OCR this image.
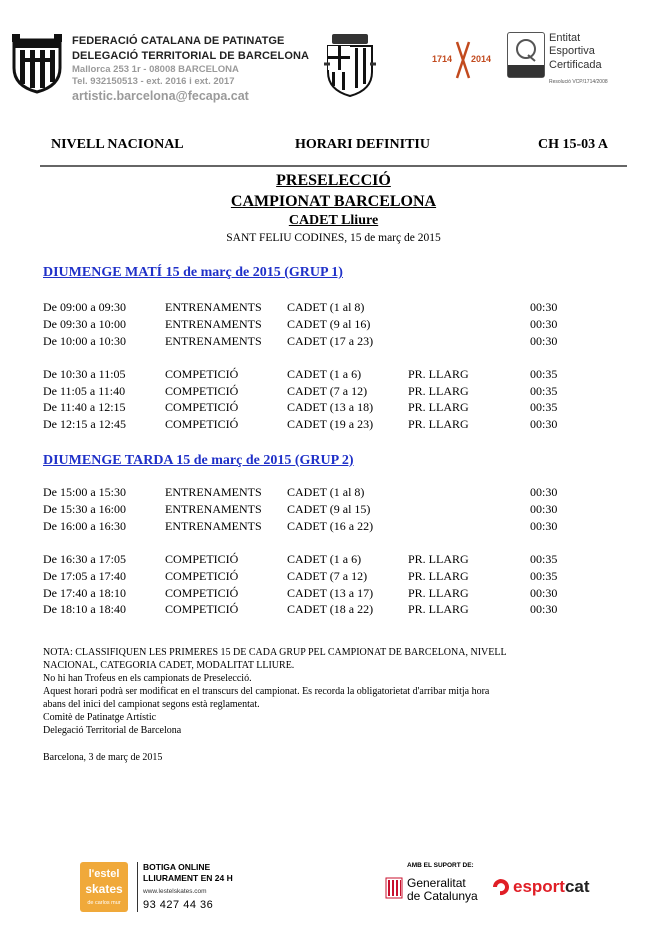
FEDERACIÓ CATALANA DE PATINATGE
DELEGACIÓ TERRITORIAL DE BARCELONA
Mallorca 253 1r - 08008 BARCELONA
Tel. 932150513 - ext. 2016 i ext. 2017
artistic.barcelona@fecapa.cat
1714 2014
Entitat
Esportiva
Certificada
Resolució VCP/1714/2008
NIVELL NACIONAL	HORARI DEFINITIU	CH 15-03 A
PRESELECCIÓ
CAMPIONAT BARCELONA
CADET Lliure
SANT FELIU CODINES, 15 de març de 2015
DIUMENGE MATÍ 15 de març de 2015 (GRUP 1)
De 09:00 a 09:30	ENTRENAMENTS CADET (1 al 8)	00:30
De 09:30 a 10:00	ENTRENAMENTS CADET (9 al 16)	00:30
De 10:00 a 10:30	ENTRENAMENTS CADET (17 a 23)	00:30
De 10:30 a 11:05	COMPETICIÓ	CADET (1 a 6)	PR. LLARG	00:35
De 11:05 a 11:40	COMPETICIÓ	CADET (7 a 12)	PR. LLARG	00:35
De 11:40 a 12:15	COMPETICIÓ	CADET (13 a 18)	PR. LLARG	00:35
De 12:15 a 12:45	COMPETICIÓ	CADET (19 a 23)	PR. LLARG	00:30
DIUMENGE TARDA 15 de març de 2015 (GRUP 2)
De 15:00 a 15:30	ENTRENAMENTS CADET (1 al 8)	00:30
De 15:30 a 16:00	ENTRENAMENTS CADET (9 al 15)	00:30
De 16:00 a 16:30	ENTRENAMENTS CADET (16 a 22)	00:30
De 16:30 a 17:05	COMPETICIÓ	CADET (1 a 6)	PR. LLARG	00:35
De 17:05 a 17:40	COMPETICIÓ	CADET (7 a 12)	PR. LLARG	00:35
De 17:40 a 18:10	COMPETICIÓ	CADET (13 a 17)	PR. LLARG	00:30
De 18:10 a 18:40	COMPETICIÓ	CADET (18 a 22)	PR. LLARG	00:30
NOTA: CLASSIFIQUEN LES PRIMERES 15 DE CADA GRUP PEL CAMPIONAT DE BARCELONA, NIVELL
NACIONAL, CATEGORIA CADET, MODALITAT LLIURE.
No hi han Trofeus en els campionats de Preselecció.
Aquest horari podrà ser modificat en el transcurs del campionat. Es recorda la obligatorietat d'arribar mitja hora
abans del inici del campionat segons està reglamentat.
Comitè de Patinatge Artístic
Delegació Territorial de Barcelona
Barcelona, 3 de març de 2015
l'estel
skates
de carlos mur
BOTIGA ONLINE
LLIURAMENT EN 24 H
www.lestelskates.com
93 427 44 36
AMB EL SUPORT DE:
Generalitat
de Catalunya esportcat
